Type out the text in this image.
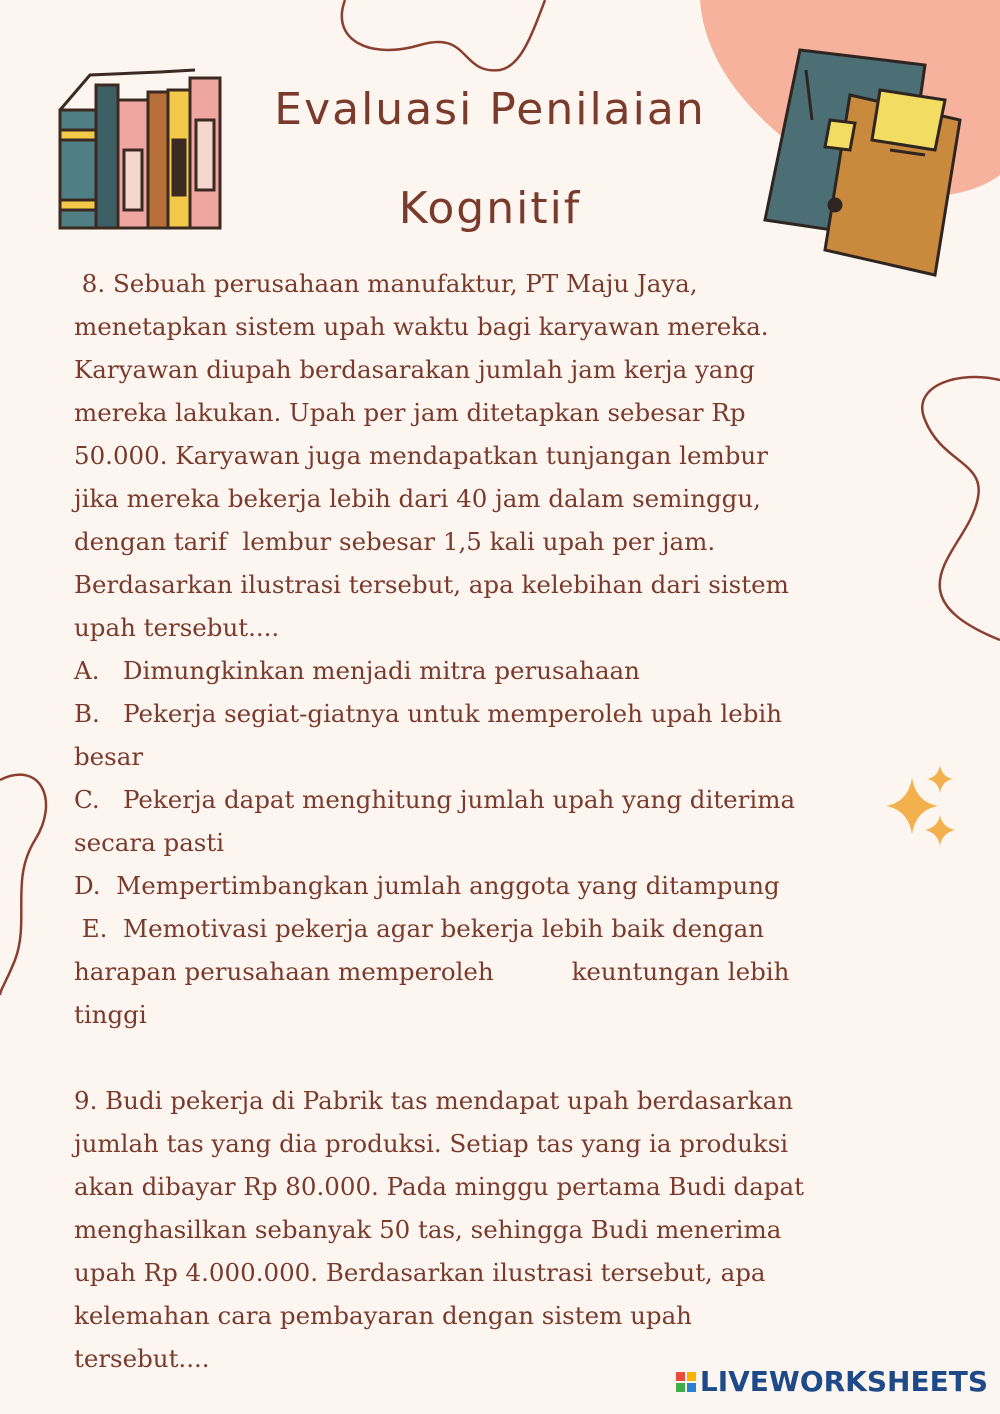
Evaluasi Penilaian
Kognitif

8. Sebuah perusahaan manufaktur, PT Maju Jaya,

menetapkan sistem upah waktu bagi karyawan mereka.

Karyawan diupah berdasarakan jumlah jam kerja yang

mereka lakukan. Upah per jam ditetapkan sebesar Rp

50.000. Karyawan juga mendapatkan tunjangan lembur

jika mereka bekerja lebih dari 40 jam dalam seminggu,

dengan tarif  lembur sebesar 1,5 kali upah per jam.

Berdasarkan ilustrasi tersebut, apa kelebihan dari sistem

upah tersebut....

A.   Dimungkinkan menjadi mitra perusahaan

B.   Pekerja segiat-giatnya untuk memperoleh upah lebih

besar

C.   Pekerja dapat menghitung jumlah upah yang diterima

secara pasti

D.  Mempertimbangkan jumlah anggota yang ditampung

E.  Memotivasi pekerja agar bekerja lebih baik dengan

harapan perusahaan memperoleh          keuntungan lebih

tinggi

9. Budi pekerja di Pabrik tas mendapat upah berdasarkan

jumlah tas yang dia produksi. Setiap tas yang ia produksi

akan dibayar Rp 80.000. Pada minggu pertama Budi dapat

menghasilkan sebanyak 50 tas, sehingga Budi menerima

upah Rp 4.000.000. Berdasarkan ilustrasi tersebut, apa

kelemahan cara pembayaran dengan sistem upah

tersebut....

LIVEWORKSHEETS
